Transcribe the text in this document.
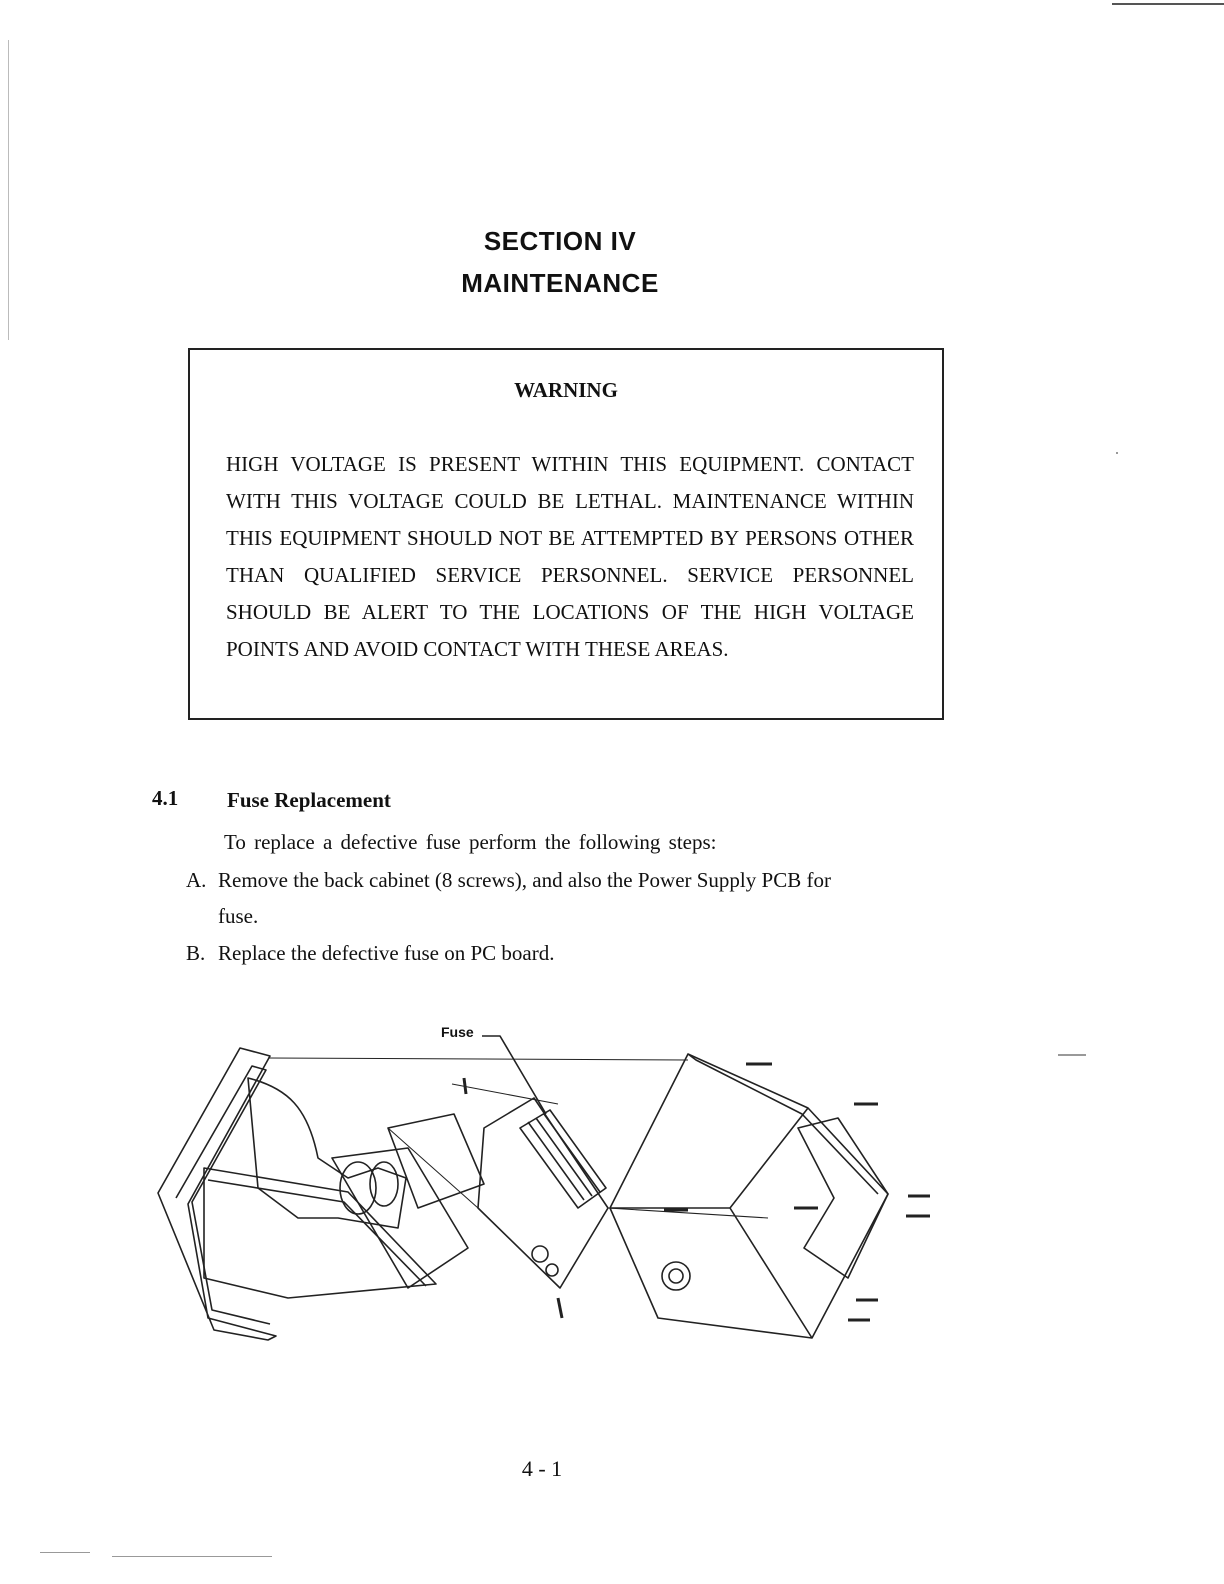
SECTION IV
MAINTENANCE
WARNING
HIGH VOLTAGE IS PRESENT WITHIN THIS EQUIPMENT. CONTACT WITH THIS VOLTAGE COULD BE LETHAL. MAINTENANCE WITHIN THIS EQUIPMENT SHOULD NOT BE ATTEMPTED BY PERSONS OTHER THAN QUALIFIED SERVICE PERSONNEL. SERVICE PERSONNEL SHOULD BE ALERT TO THE LOCATIONS OF THE HIGH VOLTAGE POINTS AND AVOID CONTACT WITH THESE AREAS.
4.1 Fuse Replacement
To replace a defective fuse perform the following steps:
A. Remove the back cabinet (8 screws), and also the Power Supply PCB for
fuse.
B. Replace the defective fuse on PC board.
Fuse
4 - 1
